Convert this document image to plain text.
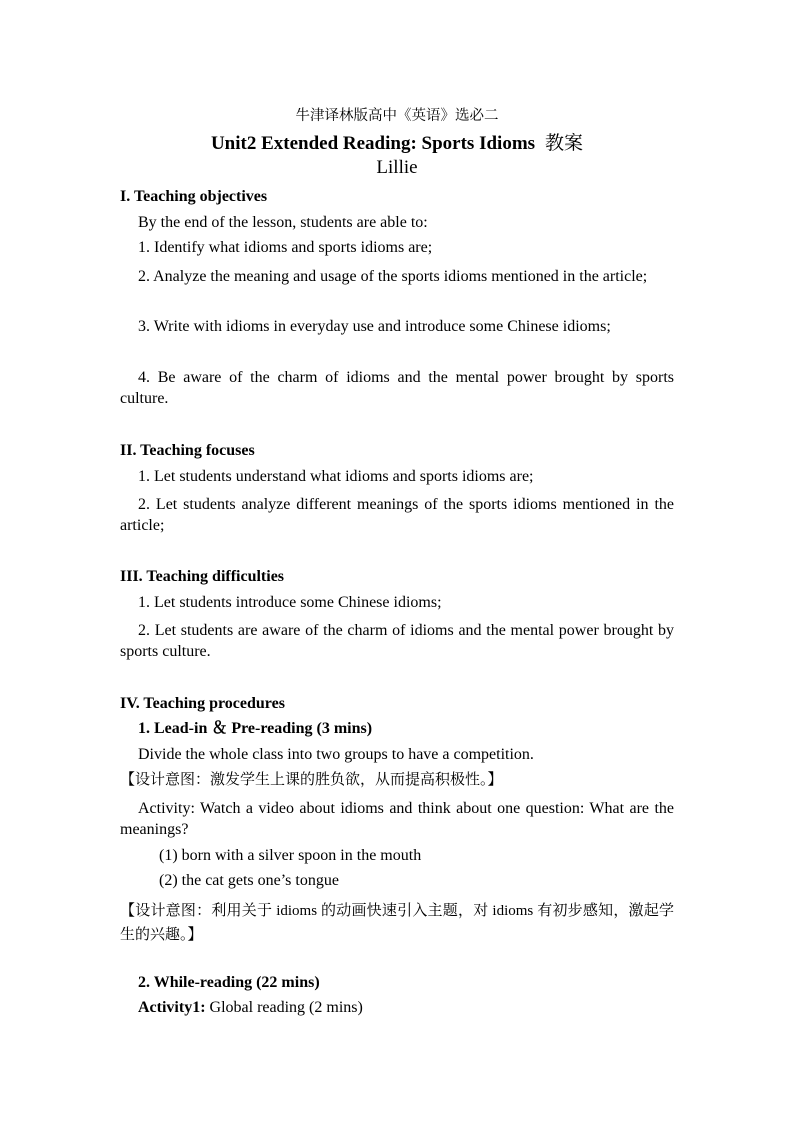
牛津译林版高中《英语》选必二
Unit2 Extended Reading: Sports Idioms 教案
Lillie
I. Teaching objectives
By the end of the lesson, students are able to:
1. Identify what idioms and sports idioms are;
2. Analyze the meaning and usage of the sports idioms mentioned in the article;
3. Write with idioms in everyday use and introduce some Chinese idioms;
4. Be aware of the charm of idioms and the mental power brought by sports culture.
II. Teaching focuses
1. Let students understand what idioms and sports idioms are;
2. Let students analyze different meanings of the sports idioms mentioned in the article;
III. Teaching difficulties
1. Let students introduce some Chinese idioms;
2. Let students are aware of the charm of idioms and the mental power brought by sports culture.
IV. Teaching procedures
1. Lead-in ＆ Pre-reading (3 mins)
Divide the whole class into two groups to have a competition.
【设计意图：激发学生上课的胜负欲，从而提高积极性。】
Activity: Watch a video about idioms and think about one question: What are the meanings?
(1) born with a silver spoon in the mouth
(2) the cat gets one’s tongue
【设计意图：利用关于 idioms 的动画快速引入主题，对 idioms 有初步感知，激起学生的兴趣。】
2. While-reading (22 mins)
Activity1: Global reading (2 mins)
